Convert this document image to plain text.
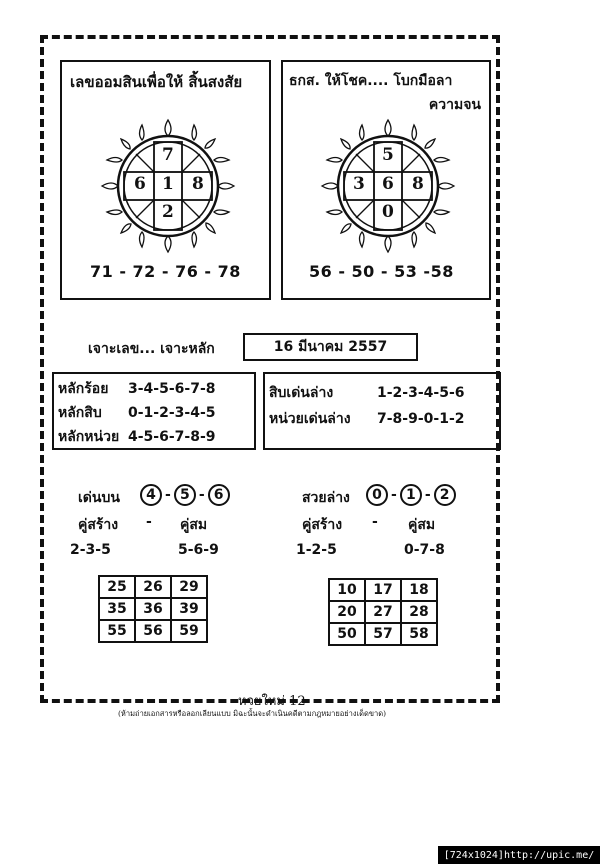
เลขออมสินเพื่อให้ สิ้นสงสัย
7
6 1 8
2
71 - 72 - 76 - 78
ธกส. ให้โชค.... โบกมือลา
ความจน
5
3 6 8
0
56 - 50 - 53 -58
เจาะเลข... เจาะหลัก	16 มีนาคม 2557
หลักร้อย 3-4-5-6-7-8
หลักสิบ 0-1-2-3-4-5
หลักหน่วย 4-5-6-7-8-9
สิบเด่นล่าง	1-2-3-4-5-6
หน่วยเด่นล่าง 7-8-9-0-1-2
เด่นบน	4 - 5 - 6
คู่สร้าง - คู่สม
2-3-5	5-6-9
25	26	29
35	36	39
55	56	59
สวยล่าง	0 - 1 - 2
คู่สร้าง - คู่สม
1-2-5	0-7-8
10	17	18
20	27	28
50	57	58
หวยใหม่ 12
(ห้ามถ่ายเอกสารหรือลอกเลียนแบบ มิฉะนั้นจะดำเนินคดีตามกฎหมายอย่างเด็ดขาด)
[724x1024]http://upic.me/
